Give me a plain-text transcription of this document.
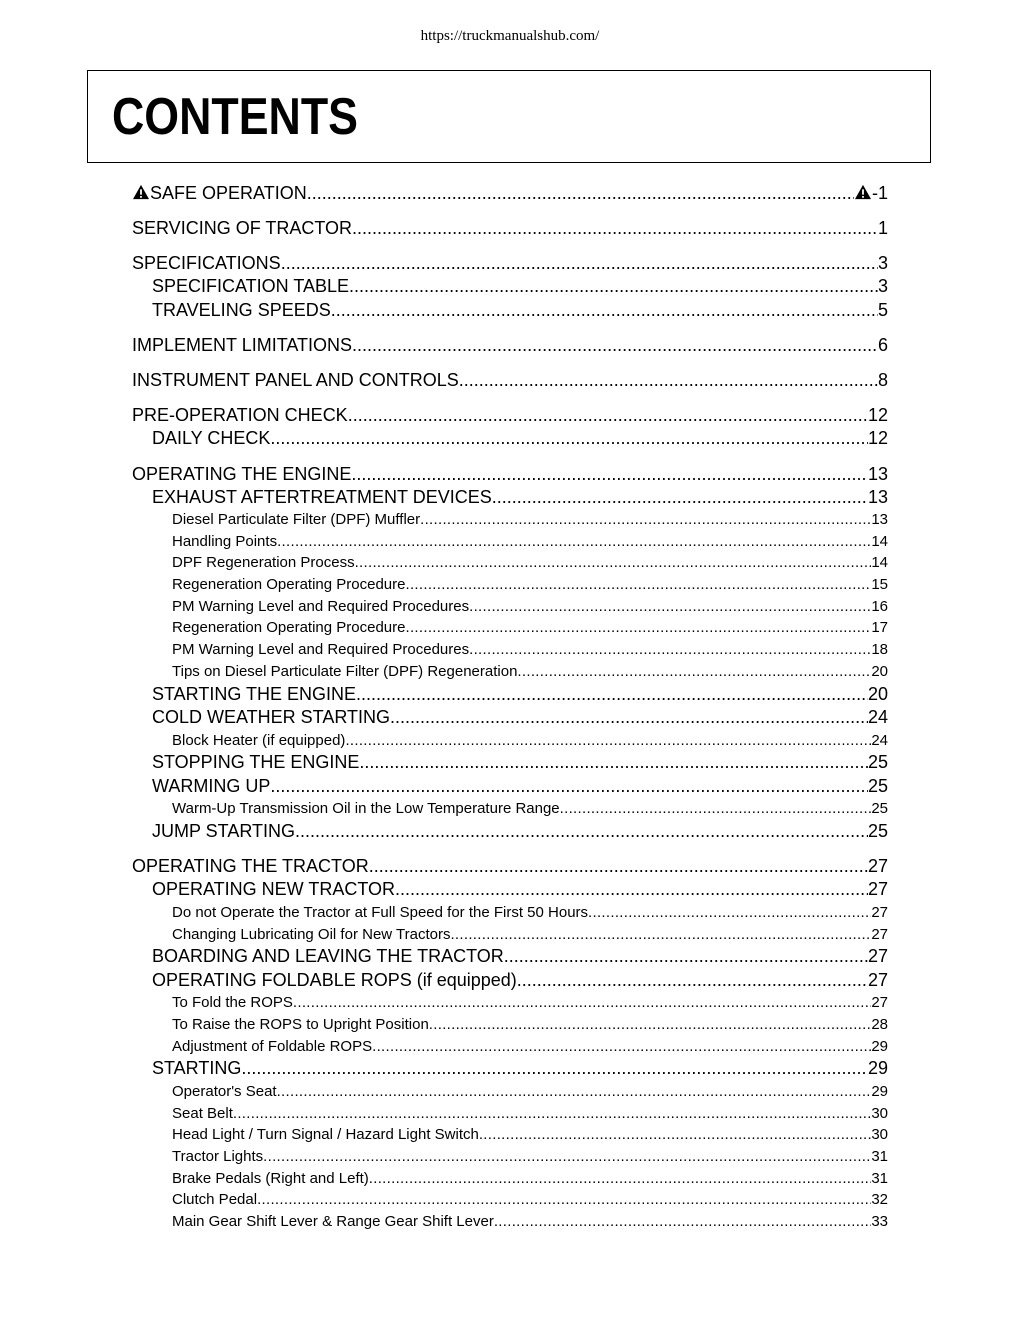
https://truckmanualshub.com/
CONTENTS
SAFE OPERATION .....	-1
SERVICING OF TRACTOR .....	1
SPECIFICATIONS .....	3
SPECIFICATION TABLE .....	3
TRAVELING SPEEDS .....	5
IMPLEMENT LIMITATIONS .....	6
INSTRUMENT PANEL AND CONTROLS .....	8
PRE-OPERATION CHECK .....	12
DAILY CHECK .....	12
OPERATING THE ENGINE .....	13
EXHAUST AFTERTREATMENT DEVICES .....	13
Diesel Particulate Filter (DPF) Muffler .....	13
Handling Points .....	14
DPF Regeneration Process .....	14
Regeneration Operating Procedure .....	15
PM Warning Level and Required Procedures .....	16
Regeneration Operating Procedure .....	17
PM Warning Level and Required Procedures .....	18
Tips on Diesel Particulate Filter (DPF) Regeneration .....	20
STARTING THE ENGINE .....	20
COLD WEATHER STARTING .....	24
Block Heater (if equipped) .....	24
STOPPING THE ENGINE .....	25
WARMING UP .....	25
Warm-Up Transmission Oil in the Low Temperature Range .....	25
JUMP STARTING .....	25
OPERATING THE TRACTOR .....	27
OPERATING NEW TRACTOR .....	27
Do not Operate the Tractor at Full Speed for the First 50 Hours .....	27
Changing Lubricating Oil for New Tractors .....	27
BOARDING AND LEAVING THE TRACTOR .....	27
OPERATING FOLDABLE ROPS (if equipped) .....	27
To Fold the ROPS .....	27
To Raise the ROPS to Upright Position .....	28
Adjustment of Foldable ROPS .....	29
STARTING .....	29
Operator's Seat .....	29
Seat Belt .....	30
Head Light / Turn Signal / Hazard Light Switch .....	30
Tractor Lights .....	31
Brake Pedals (Right and Left) .....	31
Clutch Pedal .....	32
Main Gear Shift Lever & Range Gear Shift Lever .....	33
